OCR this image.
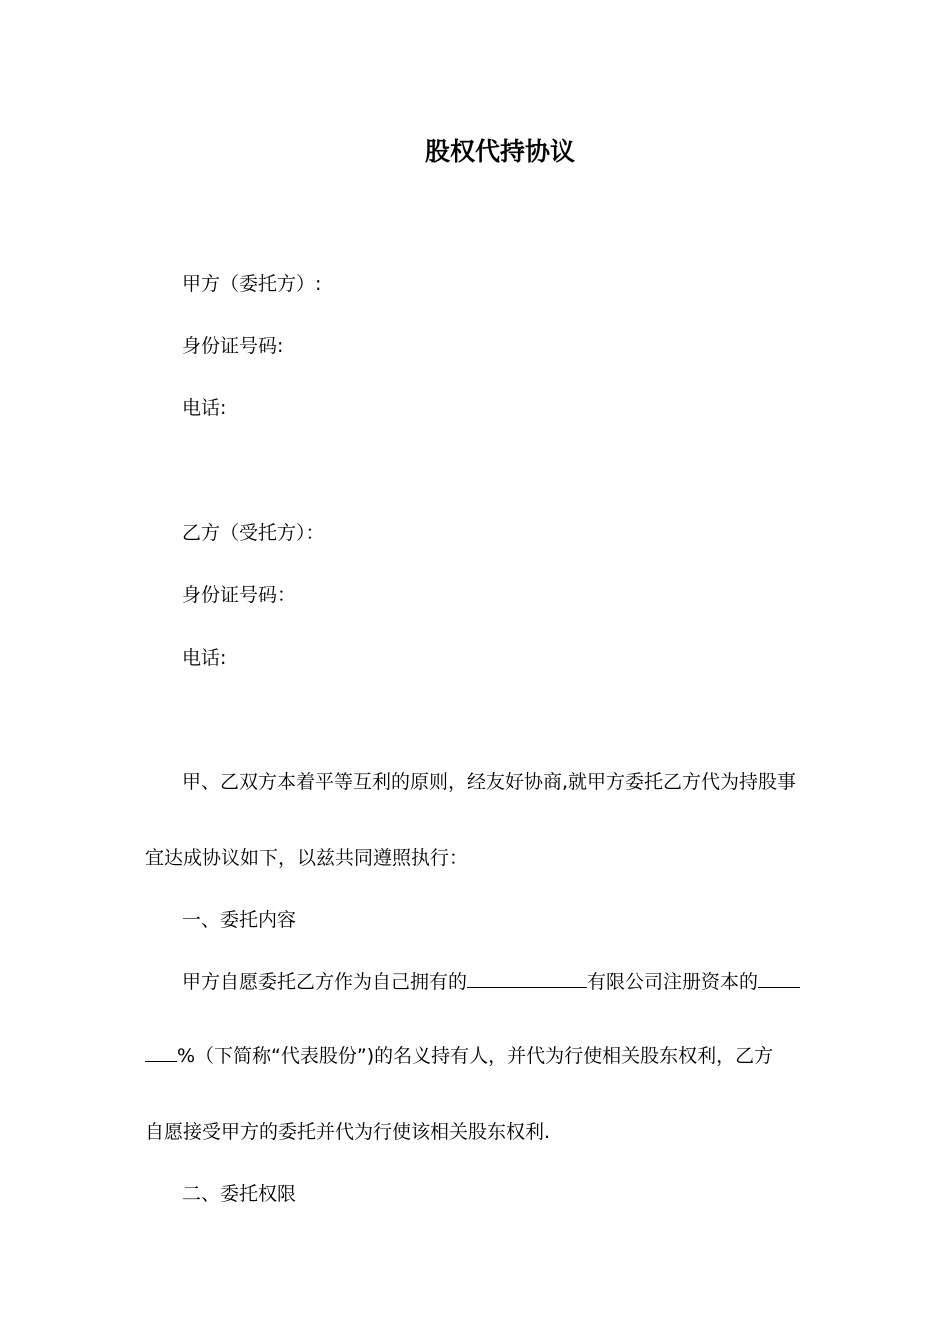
股权代持协议

甲方（委托方）:

身份证号码:

电话:

乙方（受托方）：

身份证号码：

电话:

甲、乙双方本着平等互利的原则，经友好协商,就甲方委托乙方代为持股事

宜达成协议如下，以兹共同遵照执行：

一、委托内容

甲方自愿委托乙方作为自己拥有的	有限公司注册资本的

%（下简称“代表股份”)的名义持有人，并代为行使相关股东权利，乙方

自愿接受甲方的委托并代为行使该相关股东权利.

二、委托权限
